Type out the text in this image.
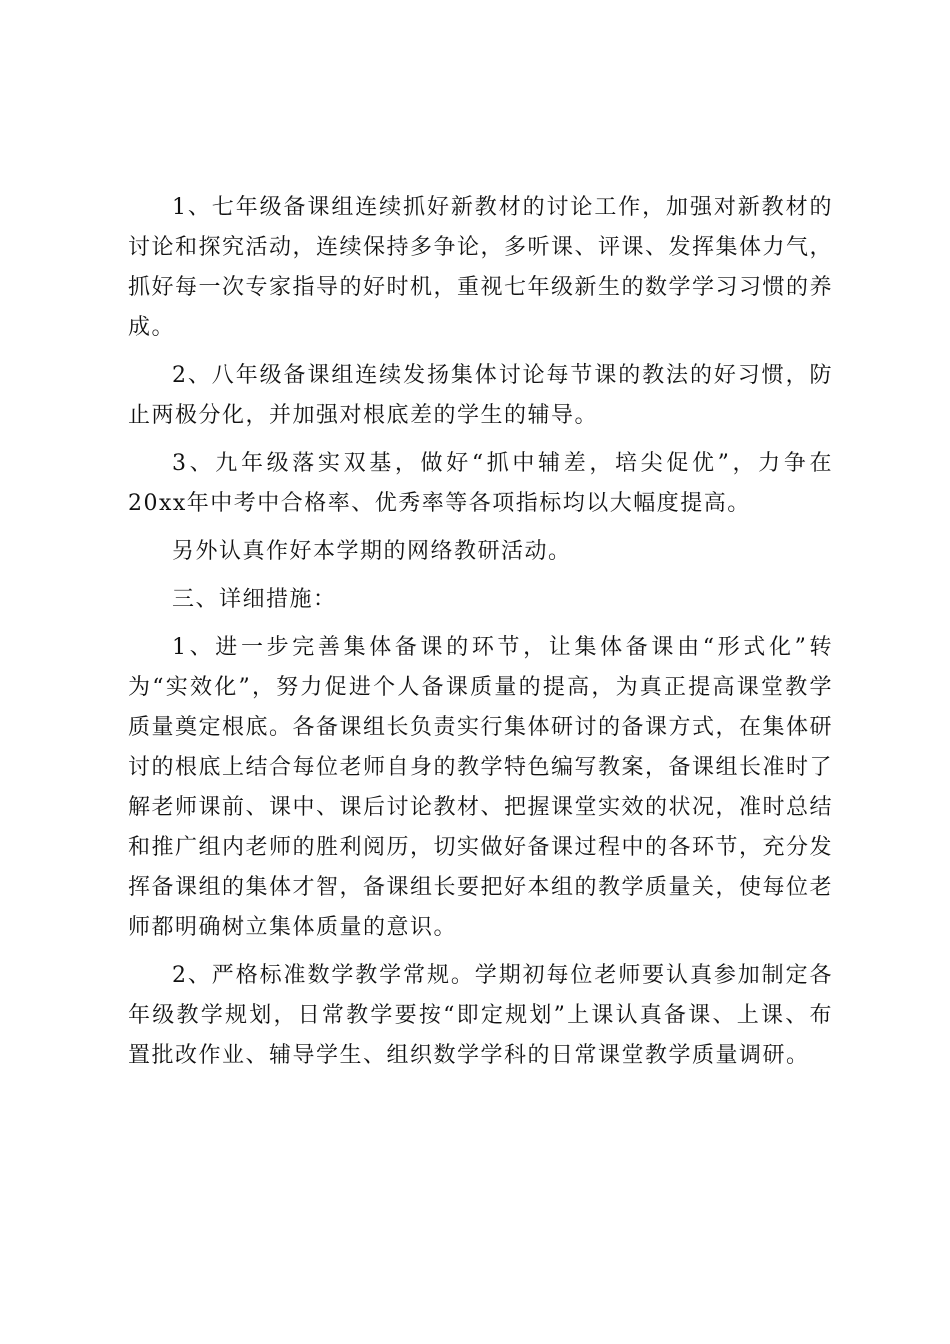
1、七年级备课组连续抓好新教材的讨论工作，加强对新教材的讨论和探究活动，连续保持多争论，多听课、评课、发挥集体力气，抓好每一次专家指导的好时机，重视七年级新生的数学学习习惯的养成。

2、八年级备课组连续发扬集体讨论每节课的教法的好习惯，防止两极分化，并加强对根底差的学生的辅导。

3、九年级落实双基，做好“抓中辅差，培尖促优”，力争在20xx年中考中合格率、优秀率等各项指标均以大幅度提高。

另外认真作好本学期的网络教研活动。

三、详细措施：

1、进一步完善集体备课的环节，让集体备课由“形式化”转为“实效化”，努力促进个人备课质量的提高，为真正提高课堂教学质量奠定根底。各备课组长负责实行集体研讨的备课方式，在集体研讨的根底上结合每位老师自身的教学特色编写教案，备课组长准时了解老师课前、课中、课后讨论教材、把握课堂实效的状况，准时总结和推广组内老师的胜利阅历，切实做好备课过程中的各环节，充分发挥备课组的集体才智，备课组长要把好本组的教学质量关，使每位老师都明确树立集体质量的意识。

2、严格标准数学教学常规。学期初每位老师要认真参加制定各年级教学规划，日常教学要按“即定规划”上课认真备课、上课、布置批改作业、辅导学生、组织数学学科的日常课堂教学质量调研。
